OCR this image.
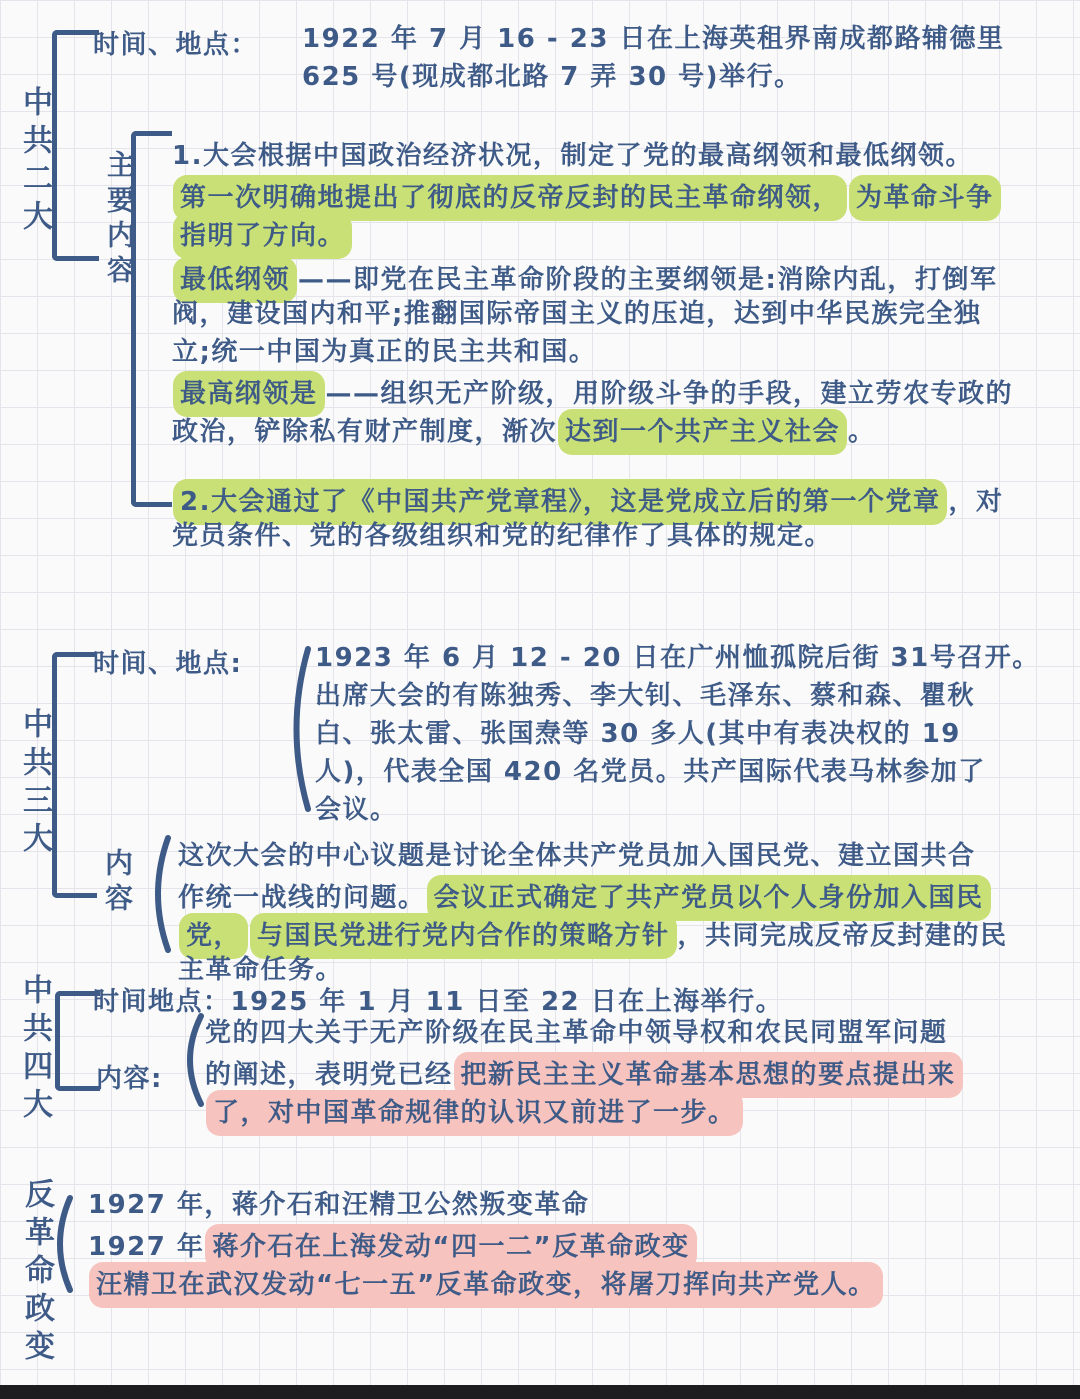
中共二大
时间、地点： 1922 年 7 月 16 - 23 日在上海英租界南成都路辅德里
625 号(现成都北路 7 弄 30 号)举行。
主要内容 1.大会根据中国政治经济状况，制定了党的最高纲领和最低纲领。
第一次明确地提出了彻底的反帝反封的民主革命纲领， 为革命斗争
指明了方向。
最低纲领 ——即党在民主革命阶段的主要纲领是:消除内乱，打倒军
阀，建设国内和平;推翻国际帝国主义的压迫，达到中华民族完全独
立;统一中国为真正的民主共和国。
最高纲领是 ——组织无产阶级，用阶级斗争的手段，建立劳农专政的
政治，铲除私有财产制度，渐次 达到一个共产主义社会 。
2.大会通过了《中国共产党章程》，这是党成立后的第一个党章 ，对
党员条件、党的各级组织和党的纪律作了具体的规定。
中共三大
时间、地点:	1923 年 6 月 12 - 20 日在广州恤孤院后街 31号召开。
出席大会的有陈独秀、李大钊、毛泽东、蔡和森、瞿秋
白、张太雷、张国焘等 30 多人(其中有表决权的 19
人)，代表全国 420 名党员。共产国际代表马林参加了
会议。
内容 这次大会的中心议题是讨论全体共产党员加入国民党、建立国共合
作统一战线的问题。 会议正式确定了共产党员以个人身份加入国民
党， 与国民党进行党内合作的策略方针 ，共同完成反帝反封建的民
主革命任务。
中共四大 时间地点：1925 年 1 月 11 日至 22 日在上海举行。
内容:
党的四大关于无产阶级在民主革命中领导权和农民同盟军问题
的阐述，表明党已经 把新民主主义革命基本思想的要点提出来
了，对中国革命规律的认识又前进了一步。
反革命政变 1927 年，蒋介石和汪精卫公然叛变革命
1927 年 蒋介石在上海发动“四一二”反革命政变
汪精卫在武汉发动“七一五”反革命政变，将屠刀挥向共产党人。
